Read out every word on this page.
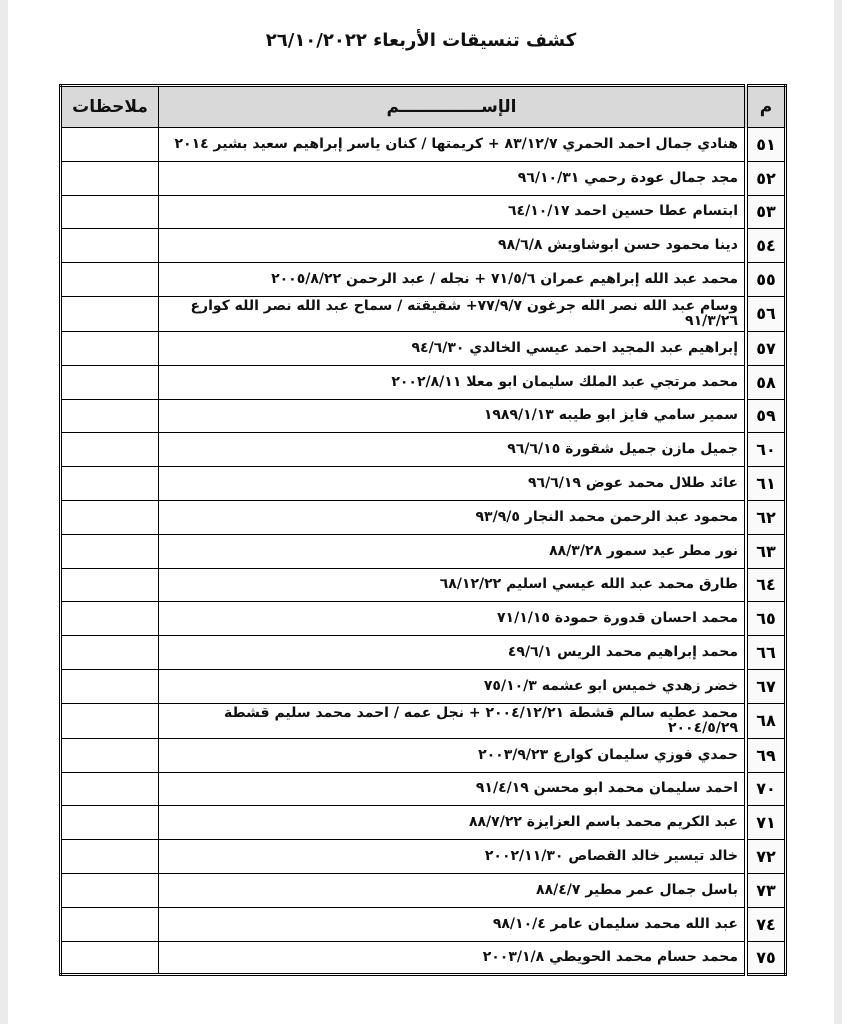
كشف تنسيقات الأربعاء ٢٦/١٠/٢٠٢٢
م	الإســــــــــــــم	ملاحظات
٥١	هنادي جمال احمد الحمري ٨٣/١٢/٧ + كريمتها / كنان ياسر إبراهيم سعيد بشير ٢٠١٤	
٥٢	مجد جمال عودة رحمي ٩٦/١٠/٣١	
٥٣	ابتسام عطا حسين احمد ٦٤/١٠/١٧	
٥٤	دينا محمود حسن ابوشاويش ٩٨/٦/٨	
٥٥	محمد عبد الله إبراهيم عمران ٧١/٥/٦ + نجله / عبد الرحمن ٢٠٠٥/٨/٢٢	
٥٦	وسام عبد الله نصر الله جرغون ٧٧/٩/٧+ شقيقته / سماح عبد الله نصر الله كوارع ٩١/٣/٢٦	
٥٧	إبراهيم عبد المجيد احمد عيسي الخالدي ٩٤/٦/٣٠	
٥٨	محمد مرتجي عبد الملك سليمان ابو معلا ٢٠٠٢/٨/١١	
٥٩	سمير سامي فايز ابو طيبه ١٩٨٩/١/١٣	
٦٠	جميل مازن جميل شقورة ٩٦/٦/١٥	
٦١	عائد طلال محمد عوض ٩٦/٦/١٩	
٦٢	محمود عبد الرحمن محمد النجار ٩٣/٩/٥	
٦٣	نور مطر عيد سمور ٨٨/٣/٢٨	
٦٤	طارق محمد عبد الله عيسي اسليم ٦٨/١٢/٢٢	
٦٥	محمد احسان قدورة حمودة ٧١/١/١٥	
٦٦	محمد إبراهيم محمد الريس ٤٩/٦/١	
٦٧	خضر زهدي خميس ابو عشمه ٧٥/١٠/٣	
٦٨	محمد عطيه سالم قشطة ٢٠٠٤/١٢/٢١ + نجل عمه / احمد محمد سليم قشطة ٢٠٠٤/٥/٢٩	
٦٩	حمدي فوزي سليمان كوارع ٢٠٠٣/٩/٢٣	
٧٠	احمد سليمان محمد ابو محسن ٩١/٤/١٩	
٧١	عبد الكريم محمد باسم العزايزة ٨٨/٧/٢٢	
٧٢	خالد تيسير خالد القصاص ٢٠٠٢/١١/٣٠	
٧٣	باسل جمال عمر مطير ٨٨/٤/٧	
٧٤	عبد الله محمد سليمان عامر ٩٨/١٠/٤	
٧٥	محمد حسام محمد الحويطي ٢٠٠٣/١/٨	
